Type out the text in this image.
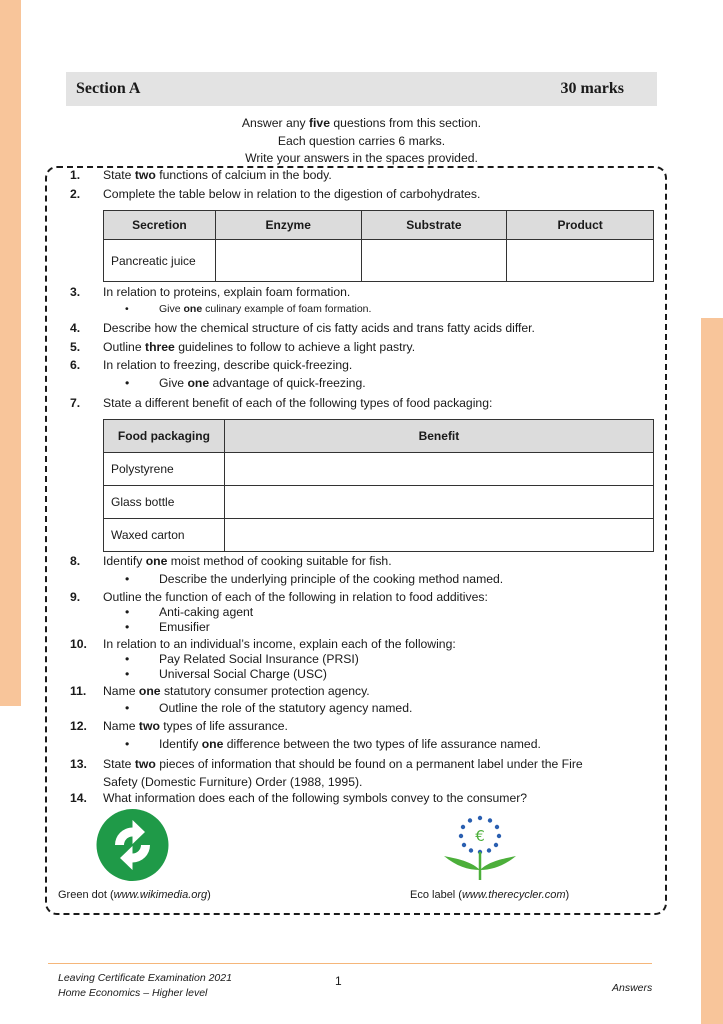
Section A	30 marks
Answer any five questions from this section.
Each question carries 6 marks.
Write your answers in the spaces provided.
1. State two functions of calcium in the body.
2. Complete the table below in relation to the digestion of carbohydrates.
Secretion	Enzyme	Substrate	Product
Pancreatic juice			
3. In relation to proteins, explain foam formation.
•	Give one culinary example of foam formation.
4. Describe how the chemical structure of cis fatty acids and trans fatty acids differ.
5. Outline three guidelines to follow to achieve a light pastry.
6. In relation to freezing, describe quick-freezing.
• Give one advantage of quick-freezing.
7. State a different benefit of each of the following types of food packaging:
Food packaging	Benefit
Polystyrene	
Glass bottle	
Waxed carton	
8. Identify one moist method of cooking suitable for fish.
• Describe the underlying principle of the cooking method named.
9. Outline the function of each of the following in relation to food additives:
• Anti-caking agent
• Emusifier
10. In relation to an individual’s income, explain each of the following:
• Pay Related Social Insurance (PRSI)
• Universal Social Charge (USC)
11. Name one statutory consumer protection agency.
• Outline the role of the statutory agency named.
12. Name two types of life assurance.
• Identify one difference between the two types of life assurance named.
13. State two pieces of information that should be found on a permanent label under the Fire
Safety (Domestic Furniture) Order (1988, 1995).
14. What information does each of the following symbols convey to the consumer?
€
Green dot (www.wikimedia.org)	Eco label (www.therecycler.com)
Leaving Certificate Examination 2021
Home Economics – Higher level
1	Answers
